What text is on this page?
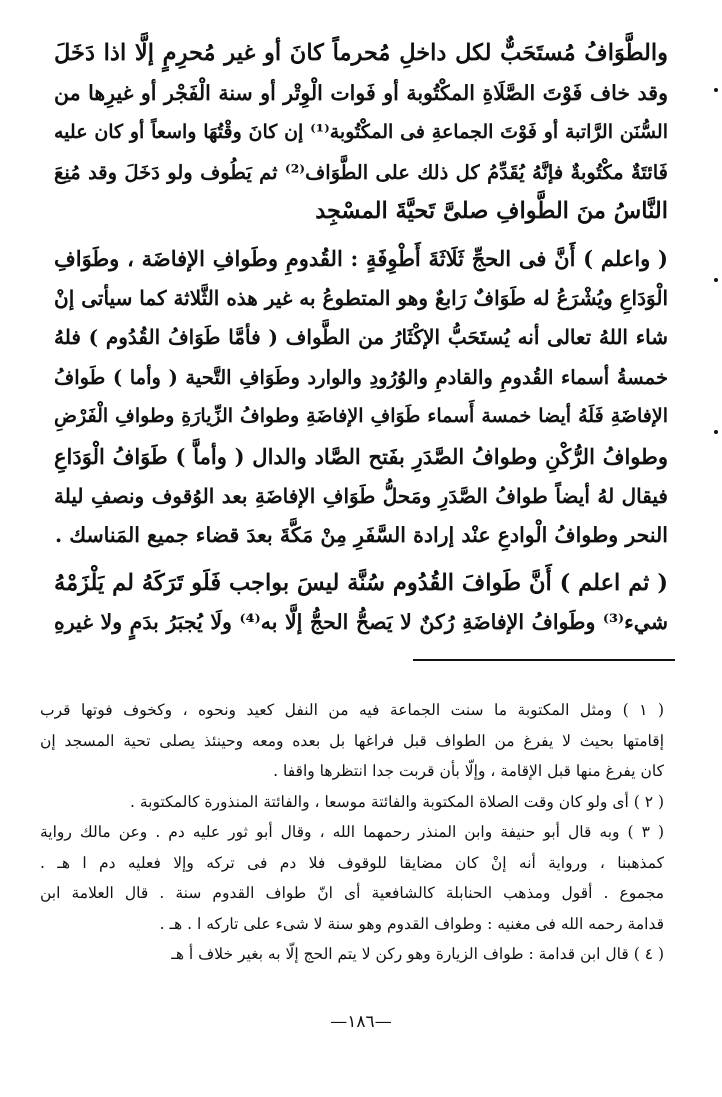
والطَّوَافُ مُستَحَبٌّ لكل داخلِ مُحرماً كانَ أو غير مُحرِمٍ إلَّا اذا دَخَلَ
وقد خاف فَوْتَ الصَّلَاةِ المكْتُوبة أو فَوات الْوِتْر أو سنة الْفَجْر أو غيرِها من
السُّنَن الرَّاتبة أو فَوْتَ الجماعةِ فى المكْتُوبة⁽¹⁾ إن كانَ وقْتُهَا واسعاً أو كان عليه
فَائتَةٌ مكْتُوبةٌ فإنَّهُ يُقَدِّمُ كل ذلك على الطَّوَاف⁽²⁾ ثم يَطُوف ولو دَخَلَ وقد مُنِعَ
النَّاسُ منَ الطَّوافِ صلىَّ تَحيَّةَ المسْجِد

( واعلم ) أَنَّ فى الحجِّ ثَلَاثَةَ أَطْوِفَةٍ : القُدومِ وطَوافِ الإفاضَة ، وطَوَافِ
الْوَدَاعِ ويُشْرَعُ له طَوَافٌ رَابعٌ وهو المتطوعُ به غير هذه الثَّلاثة كما سيأتى إنْ
شاء اللهُ تعالى أنه يُستَحَبُّ الإكْثَارُ من الطَّواف ( فأمَّا طَوَافُ القُدُوم ) فلهُ
خمسةُ أسماء القُدومِ والقادمِ والوُرُودِ والوارد وطَوَافِ التَّحية ( وأما ) طَوافُ
الإفاضَةِ فَلَهُ أيضا خمسة أَسماء طَوَافِ الإفاضَةِ وطوافُ الزِّيارَةِ وطوافِ الْفَرْضِ
وطوافُ الرُّكْنِ وطوافُ الصَّدَرِ بفَتح الصَّاد والدال ( وأماَّ ) طَوَافُ الْوَدَاعِ
فيقال لهُ أيضاً طوافُ الصَّدَرِ ومَحلُّ طَوَافِ الإفاضَةِ بعد الوُقوف ونصفِ ليلة
النحر وطوافُ الْوادعِ عنْد إرادة السَّفَرِ مِنْ مَكَّةَ بعدَ قضاء جميع المَناسك .

( ثم اعلم ) أَنَّ طَوافَ القُدُوم سُنَّة ليسَ بواجب فَلَو تَرَكَهُ لم يَلْزَمْهُ
شيء⁽³⁾ وطَوافُ الإفاضَةِ رُكنٌ لا يَصحُّ الحجُّ إلَّا به⁽⁴⁾ ولَا يُجبَرُ بدَمٍ ولا غيرهِ

( ١ ) ومثل المكتوبة ما سنت الجماعة فيه من النفل كعيد ونحوه ، وكخوف فوتها قرب
إقامتها بحيث لا يفرغ من الطواف قبل فراغها بل بعده ومعه وحينئذ يصلى تحية المسجد إن
كان يفرغ منها قبل الإقامة ، وإلّا بأن قربت جدا انتظرها واقفا .
( ٢ ) أى ولو كان وقت الصلاة المكتوبة والفائتة موسعا ، والفائتة المنذورة كالمكتوبة .
( ٣ ) وبه قال أبو حنيفة وابن المنذر رحمهما الله ، وقال أبو ثور عليه دم . وعن مالك رواية
كمذهبنا ، ورواية أنه إنْ كان مضايقا للوقوف فلا دم فى تركه وإلا فعليه دم ا هـ .
مجموع . أقول ومذهب الحنابلة كالشافعية أى انّ طواف القدوم سنة . قال العلامة ابن
قدامة رحمه الله فى مغنيه : وطواف القدوم وهو سنة لا شىء على تاركه ا . هـ .
( ٤ ) قال ابن قدامة : طواف الزيارة وهو ركن لا يتم الحج إلّا به بغير خلاف أ هـ
—١٨٦—
